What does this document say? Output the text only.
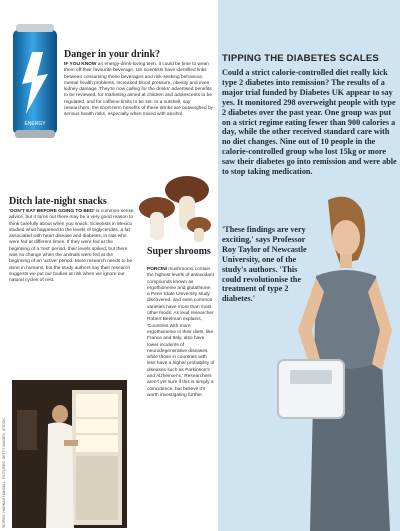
ENERGY
Danger in your drink?

IF YOU KNOW an energy-drink-loving teen, it could be time to wean them off their favourite beverage. US scientists have identified links between consuming these beverages and risk-seeking behaviour, mental health problems, increased blood pressure, obesity and even kidney damage. They're now calling for the drinks' advertised benefits to be reviewed, for marketing aimed at children and adolescents to be regulated, and for caffeine limits to be set. In a nutshell, say researchers, the short-term benefits of these drinks are outweighed by serious health risks, especially when mixed with alcohol.

Ditch late-night snacks

'DON'T EAT BEFORE GOING TO BED' is common-sense advice, but it turns out there may be a very good reason to think carefully about when you snack. Scientists in Mexico studied what happened to the levels of triglycerides, a fat associated with heart disease and diabetes, in rats who were fed at different times. If they were fed at the beginning of a 'rest' period, their levels spiked, but there was no change when the animals were fed at the beginning of an 'active' period. More research needs to be done in humans, but the study authors say their research suggests we put our bodies at risk when we ignore our natural cycles of rest.

Super shrooms

PORCINI mushrooms contain the highest levels of antioxidant compounds known as ergothioneine and glutathione, a Penn State University study discovered, and even common varieties have more than most other foods. As lead researcher Robert Beelman explains, 'Countries with more ergothioneine in their diets, like France and Italy, also have lower incidents of neurodegenerative diseases, while those in countries with less have a higher probability of diseases such as Parkinson's and Alzheimer's.' Researchers aren't yet sure if this is simply a coincidence, but believe it's worth investigating further.

WORDS: HANNAH HANSELL. PICTURES: GETTY IMAGES, ISTOCK.
TIPPING THE DIABETES SCALES

Could a strict calorie-controlled diet really kick type 2 diabetes into remission? The results of a major trial funded by Diabetes UK appear to say yes. It monitored 298 overweight people with type 2 diabetes over the past year. One group was put on a strict regime eating fewer than 900 calories a day, while the other received standard care with no diet changes. Nine out of 10 people in the calorie-controlled group who lost 15kg or more saw their diabetes go into remission and were able to stop taking medication.

'These findings are very exciting,' says Professor Roy Taylor of Newcastle University, one of the study's authors. 'This could revolutionise the treatment of type 2 diabetes.'
